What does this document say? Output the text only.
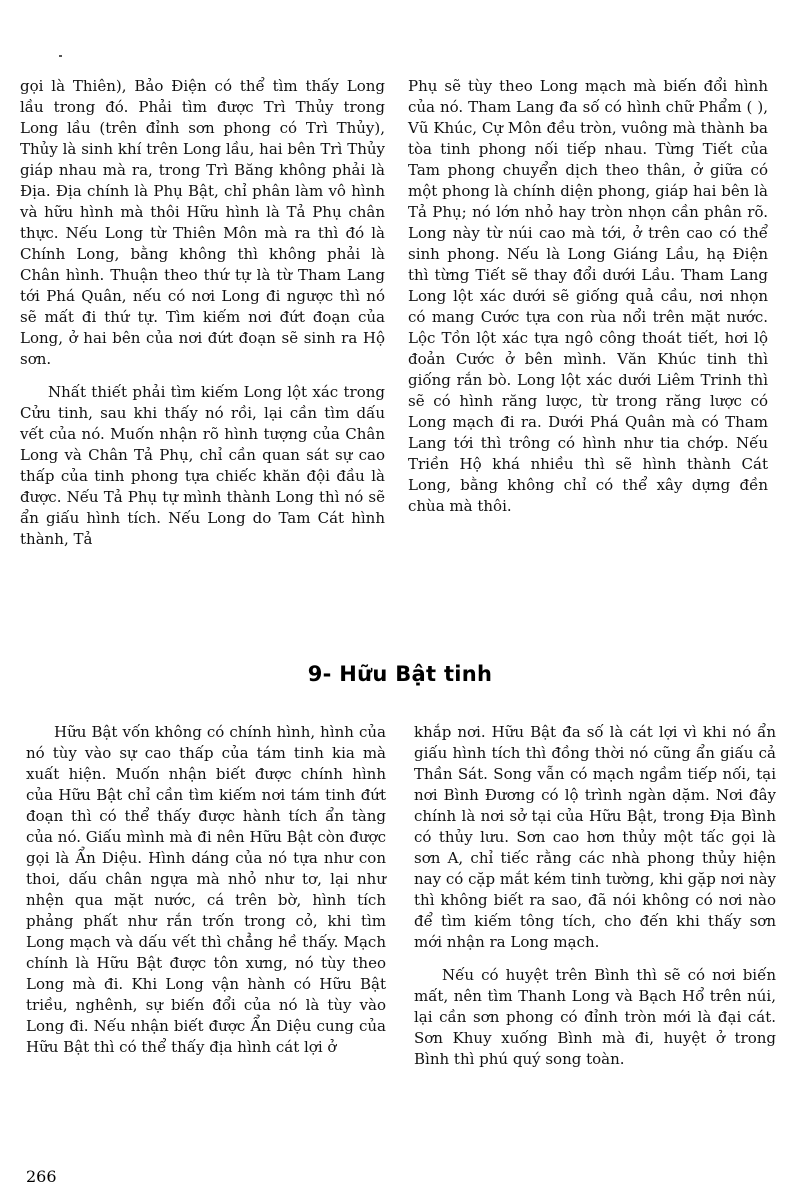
gọi là Thiên), Bảo Điện có thể tìm thấy Long lầu trong đó. Phải tìm được Trì Thủy trong Long lầu (trên đỉnh sơn phong có Trì Thủy), Thủy là sinh khí trên Long lầu, hai bên Trì Thủy giáp nhau mà ra, trong Trì Băng không phải là Địa. Địa chính là Phụ Bật, chỉ phân làm vô hình và hữu hình mà thôi Hữu hình là Tả Phụ chân thực. Nếu Long từ Thiên Môn mà ra thì đó là Chính Long, bằng không thì không phải là Chân hình. Thuận theo thứ tự là từ Tham Lang tới Phá Quân, nếu có nơi Long đi ngược thì nó sẽ mất đi thứ tự. Tìm kiếm nơi đứt đoạn của Long, ở hai bên của nơi đứt đoạn sẽ sinh ra Hộ sơn.

Nhất thiết phải tìm kiếm Long lột xác trong Cửu tinh, sau khi thấy nó rồi, lại cần tìm dấu vết của nó. Muốn nhận rõ hình tượng của Chân Long và Chân Tả Phụ, chỉ cần quan sát sự cao thấp của tinh phong tựa chiếc khăn đội đầu là được. Nếu Tả Phụ tự mình thành Long thì nó sẽ ẩn giấu hình tích. Nếu Long do Tam Cát hình thành, Tả

Phụ sẽ tùy theo Long mạch mà biến đổi hình của nó. Tham Lang đa số có hình chữ Phẩm ( ), Vũ Khúc, Cự Môn đều tròn, vuông mà thành ba tòa tinh phong nối tiếp nhau. Từng Tiết của Tam phong chuyển dịch theo thân, ở giữa có một phong là chính diện phong, giáp hai bên là Tả Phụ; nó lớn nhỏ hay tròn nhọn cần phân rõ. Long này từ núi cao mà tới, ở trên cao có thể sinh phong. Nếu là Long Giáng Lầu, hạ Điện thì từng Tiết sẽ thay đổi dưới Lầu. Tham Lang Long lột xác dưới sẽ giống quả cầu, nơi nhọn có mang Cước tựa con rùa nổi trên mặt nước. Lộc Tồn lột xác tựa ngô công thoát tiết, hơi lộ đoản Cước ở bên mình. Văn Khúc tinh thì giống rắn bò. Long lột xác dưới Liêm Trinh thì sẽ có hình răng lược, từ trong răng lược có Long mạch đi ra. Dưới Phá Quân mà có Tham Lang tới thì trông có hình như tia chớp. Nếu Triền Hộ khá nhiều thì sẽ hình thành Cát Long, bằng không chỉ có thể xây dựng đền chùa mà thôi.

9- Hữu Bật tinh

Hữu Bật vốn không có chính hình, hình của nó tùy vào sự cao thấp của tám tinh kia mà xuất hiện. Muốn nhận biết được chính hình của Hữu Bật chỉ cần tìm kiếm nơi tám tinh đứt đoạn thì có thể thấy được hành tích ẩn tàng của nó. Giấu mình mà đi nên Hữu Bật còn được gọi là Ẩn Diệu. Hình dáng của nó tựa như con thoi, dấu chân ngựa mà nhỏ như tơ, lại như nhện qua mặt nước, cá trên bờ, hình tích phảng phất như rắn trốn trong cỏ, khi tìm Long mạch và dấu vết thì chẳng hề thấy. Mạch chính là Hữu Bật được tôn xưng, nó tùy theo Long mà đi. Khi Long vận hành có Hữu Bật triều, nghênh, sự biến đổi của nó là tùy vào Long đi. Nếu nhận biết được Ẩn Diệu cung của Hữu Bật thì có thể thấy địa hình cát lợi ở

khắp nơi. Hữu Bật đa số là cát lợi vì khi nó ẩn giấu hình tích thì đồng thời nó cũng ẩn giấu cả Thần Sát. Song vẫn có mạch ngầm tiếp nối, tại nơi Bình Đương có lộ trình ngàn dặm. Nơi đây chính là nơi sở tại của Hữu Bật, trong Địa Bình có thủy lưu. Sơn cao hơn thủy một tấc gọi là sơn A, chỉ tiếc rằng các nhà phong thủy hiện nay có cặp mắt kém tinh tường, khi gặp nơi này thì không biết ra sao, đã nói không có nơi nào để tìm kiếm tông tích, cho đến khi thấy sơn mới nhận ra Long mạch.

Nếu có huyệt trên Bình thì sẽ có nơi biến mất, nên tìm Thanh Long và Bạch Hổ trên núi, lại cần sơn phong có đỉnh tròn mới là đại cát. Sơn Khuy xuống Bình mà đi, huyệt ở trong Bình thì phú quý song toàn.

266
